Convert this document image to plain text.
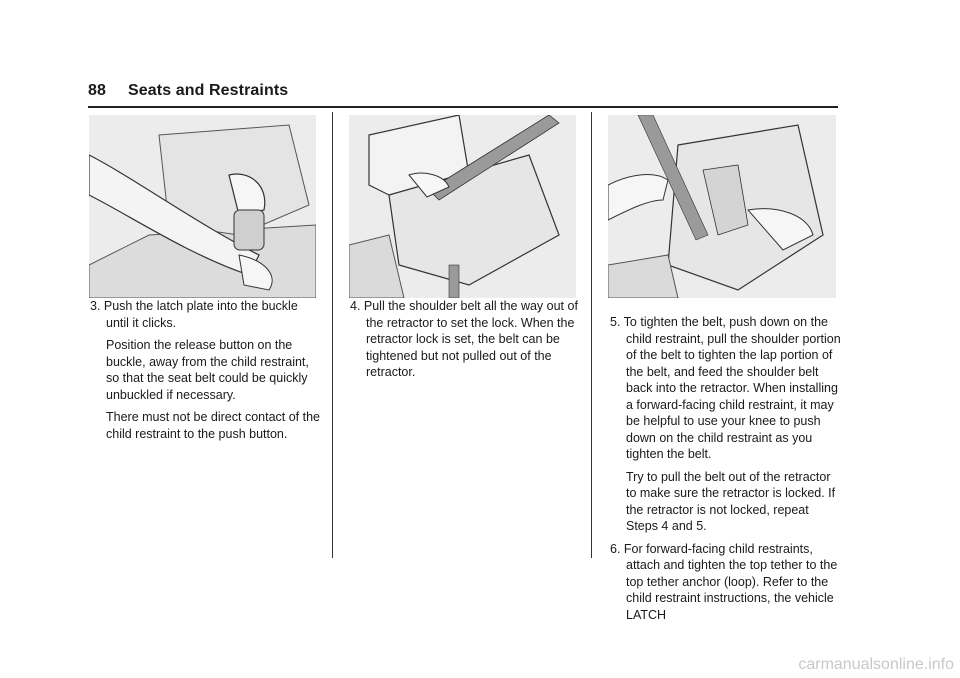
88 Seats and Restraints

3. Push the latch plate into the buckle until it clicks.

Position the release button on the buckle, away from the child restraint, so that the seat belt could be quickly unbuckled if necessary.

There must not be direct contact of the child restraint to the push button.

4. Pull the shoulder belt all the way out of the retractor to set the lock. When the retractor lock is set, the belt can be tightened but not pulled out of the retractor.

5. To tighten the belt, push down on the child restraint, pull the shoulder portion of the belt to tighten the lap portion of the belt, and feed the shoulder belt back into the retractor. When installing a forward-facing child restraint, it may be helpful to use your knee to push down on the child restraint as you tighten the belt.

Try to pull the belt out of the retractor to make sure the retractor is locked. If the retractor is not locked, repeat Steps 4 and 5.

6. For forward-facing child restraints, attach and tighten the top tether to the top tether anchor (loop). Refer to the child restraint instructions, the vehicle LATCH

carmanualsonline.info
